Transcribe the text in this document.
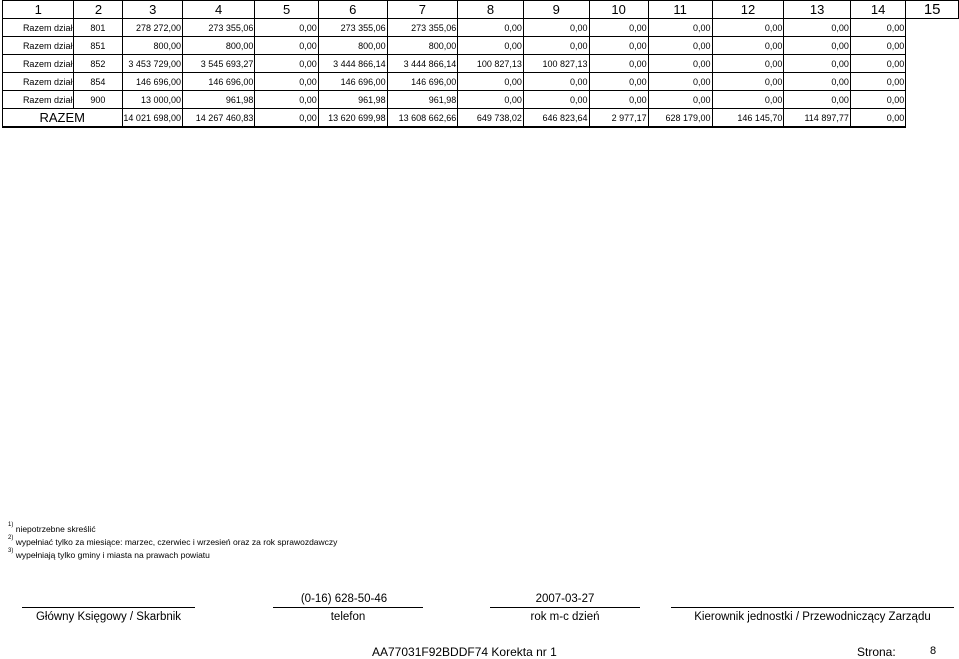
1	2	3	4	5	6	7	8	9	10	11	12	13	14	15
Razem dział	801	278 272,00	273 355,06	0,00	273 355,06	273 355,06	0,00	0,00	0,00	0,00	0,00	0,00	0,00	
Razem dział	851	800,00	800,00	0,00	800,00	800,00	0,00	0,00	0,00	0,00	0,00	0,00	0,00	
Razem dział	852	3 453 729,00	3 545 693,27	0,00	3 444 866,14	3 444 866,14	100 827,13	100 827,13	0,00	0,00	0,00	0,00	0,00	
Razem dział	854	146 696,00	146 696,00	0,00	146 696,00	146 696,00	0,00	0,00	0,00	0,00	0,00	0,00	0,00	
Razem dział	900	13 000,00	961,98	0,00	961,98	961,98	0,00	0,00	0,00	0,00	0,00	0,00	0,00	
RAZEM		14 021 698,00	14 267 460,83	0,00	13 620 699,98	13 608 662,66	649 738,02	646 823,64	2 977,17	628 179,00	146 145,70	114 897,77	0,00	
$^{1)}$ niepotrzebne skreślić
$^{2)}$ wypełniać tylko za miesiące: marzec, czerwiec i wrzesień oraz za rok sprawozdawczy
$^{3)}$ wypełniają tylko gminy i miasta na prawach powiatu
(0-16) 628-50-46	2007-03-27
Główny Księgowy / Skarbnik	telefon	rok m-c dzień	Kierownik jednostki / Przewodniczący Zarządu
AA77031F92BDDF74 Korekta nr 1	Strona:	8
